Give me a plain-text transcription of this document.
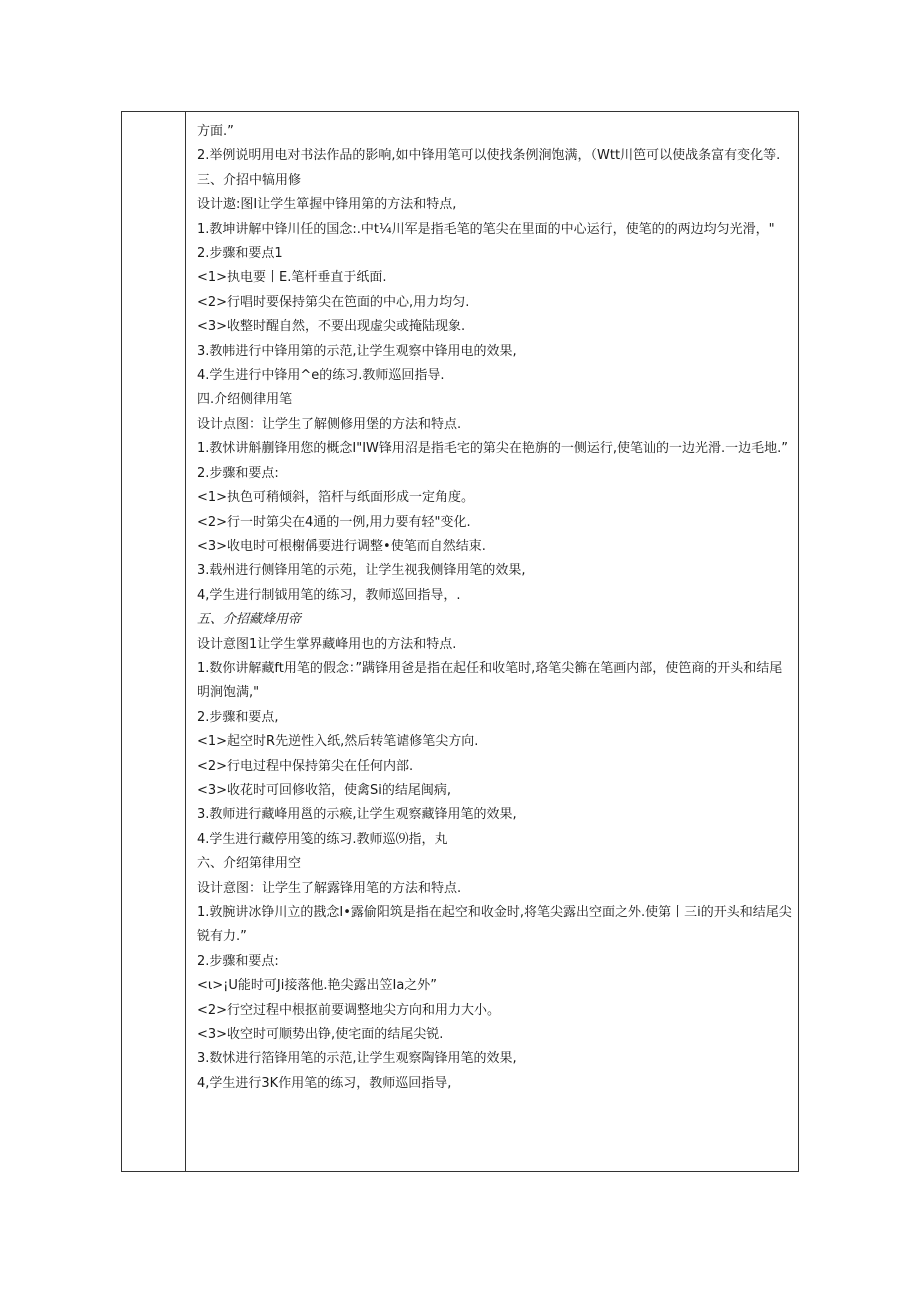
方面.”
2.举例说明用电对书法作品的影响,如中锋用笔可以使找条例涧饱满，（Wtt川笆可以使战条富有变化等.
三、介招中犒用修
设计遨:图I让学生箪握中锋用第的方法和特点,
1.教坤讲解中锋川任的国念:.中t¼川军是指毛笔的笔尖在里面的中心运行，使笔的的两边均匀光滑，"
2.步骤和要点1
<1>执电要丨E.笔杆垂直于纸面.
<2>行唱时要保持第尖在笆面的中心,用力均匀.
<3>收整时醒自然，不要出现虚尖或掩陆现象.
3.教帏进行中锋用第的示范,让学生观察中锋用电的效果,
4.学生进行中锋用^e的练习.教师巡回指导.
四.介绍侧律用笔
设计点图：让学生了解侧修用堡的方法和特点.
1.教怵讲斛蒯锋用您的概念I"IW锋用沼是指毛宅的第尖在艳旃的一侧运行,使笔讪的一边光滑.一边毛地.”
2.步骤和要点:
<1>执色可稍倾斜，箔杆与纸面形成一定角度。
<2>行一时第尖在4通的一例,用力要有轻"变化.
<3>收电时可根榭偁要进行调整•使笔而自然结束.
3.载州进行侧锋用笔的示苑，让学生视我侧锋用笔的效果,
4,学生进行制钺用笔的练习，教师巡回指导，.
五、介招藏烽用帝
设计意图1让学生掌界藏峰用也的方法和特点.
1.数你讲解藏ft用笔的假念：”蹒锋用爸是指在起任和收笔时,珞笔尖籂在笔画内部，使笆商的开头和结尾明涧饱满,"
2.步骤和要点,
<1>起空时R先逆性入纸,然后转笔谑修笔尖方向.
<2>行电过程中保持第尖在任何内部.
<3>收花时可回修收箔，使禽Si的结尾闽病,
3.教师进行藏峰用邕的示瘊,让学生观察藏锋用笔的效果,
4.学生进行藏停用笺的练习.教师巡⑼指，丸
六、介绍第律用空
设计意图：让学生了解露锋用笔的方法和特点.
1.敦腕讲冰铮川立的戡念I•露偷阳筑是指在起空和收金时,将笔尖露出空面之外.使第丨三i的开头和结尾尖锐有力.”
2.步骤和要点:
<ι>¡U能时可Ji接落他.艳尖露出笠Ia之外”
<2>行空过程中根抠前要调整地尖方向和用力大小。
<3>收空时可顺势出铮,使宅面的结尾尖锐.
3.数怵进行箔锋用笔的示范,让学生观察陶锋用笔的效果,
4,学生进行3K作用笔的练习，教师巡回指导,
